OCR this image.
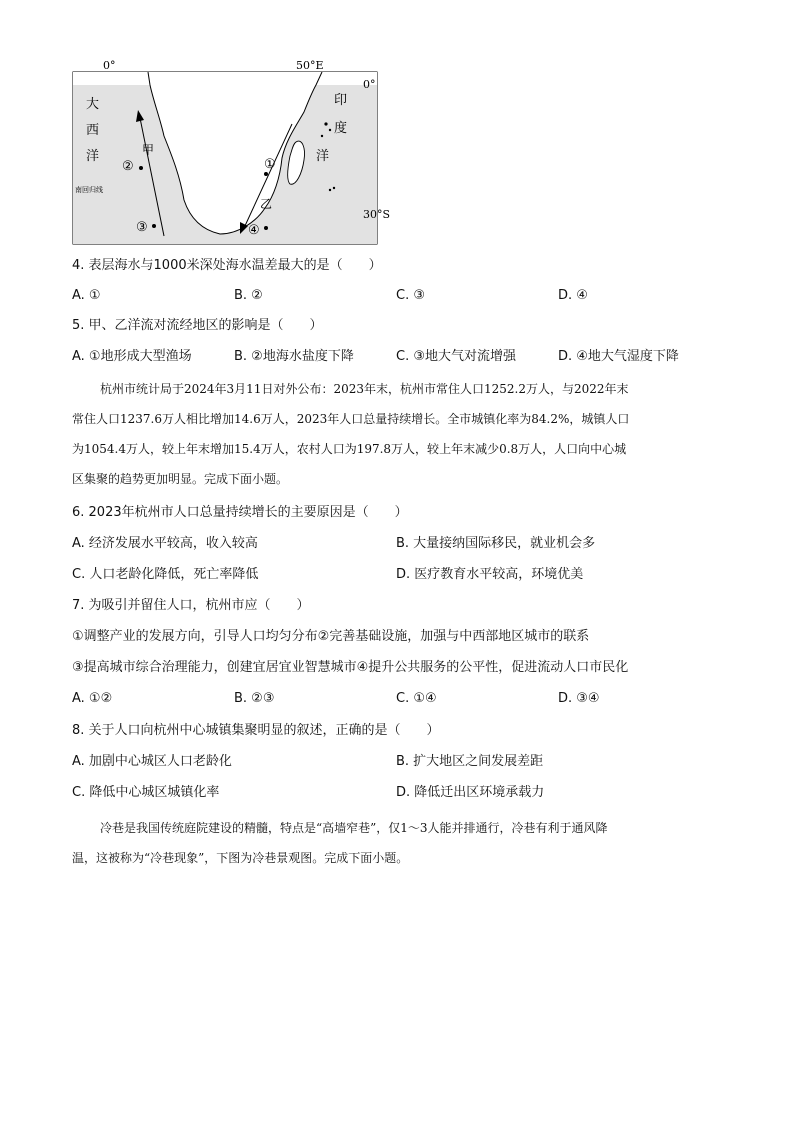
0°	50°E
0°
30°S
南回归线
大
西
洋
印
度
洋
甲
乙
①
②
③	④
4. 表层海水与1000米深处海水温差最大的是（　　）
A. ①	B. ②	C. ③	D. ④
5. 甲、乙洋流对流经地区的影响是（　　）
A. ①地形成大型渔场	B. ②地海水盐度下降	C. ③地大气对流增强	D. ④地大气湿度下降
杭州市统计局于2024年3月11日对外公布：2023年末，杭州市常住人口1252.2万人，与2022年末
常住人口1237.6万人相比增加14.6万人，2023年人口总量持续增长。全市城镇化率为84.2%，城镇人口
为1054.4万人，较上年末增加15.4万人，农村人口为197.8万人，较上年末减少0.8万人，人口向中心城
区集聚的趋势更加明显。完成下面小题。
6. 2023年杭州市人口总量持续增长的主要原因是（　　）
A. 经济发展水平较高，收入较高	B. 大量接纳国际移民，就业机会多
C. 人口老龄化降低，死亡率降低	D. 医疗教育水平较高，环境优美
7. 为吸引并留住人口，杭州市应（　　）
①调整产业的发展方向，引导人口均匀分布②完善基础设施，加强与中西部地区城市的联系
③提高城市综合治理能力，创建宜居宜业智慧城市④提升公共服务的公平性，促进流动人口市民化
A. ①②	B. ②③	C. ①④	D. ③④
8. 关于人口向杭州中心城镇集聚明显的叙述，正确的是（　　）
A. 加剧中心城区人口老龄化	B. 扩大地区之间发展差距
C. 降低中心城区城镇化率	D. 降低迁出区环境承载力
冷巷是我国传统庭院建设的精髓，特点是“高墙窄巷”，仅1～3人能并排通行，冷巷有利于通风降
温，这被称为“冷巷现象”，下图为冷巷景观图。完成下面小题。
